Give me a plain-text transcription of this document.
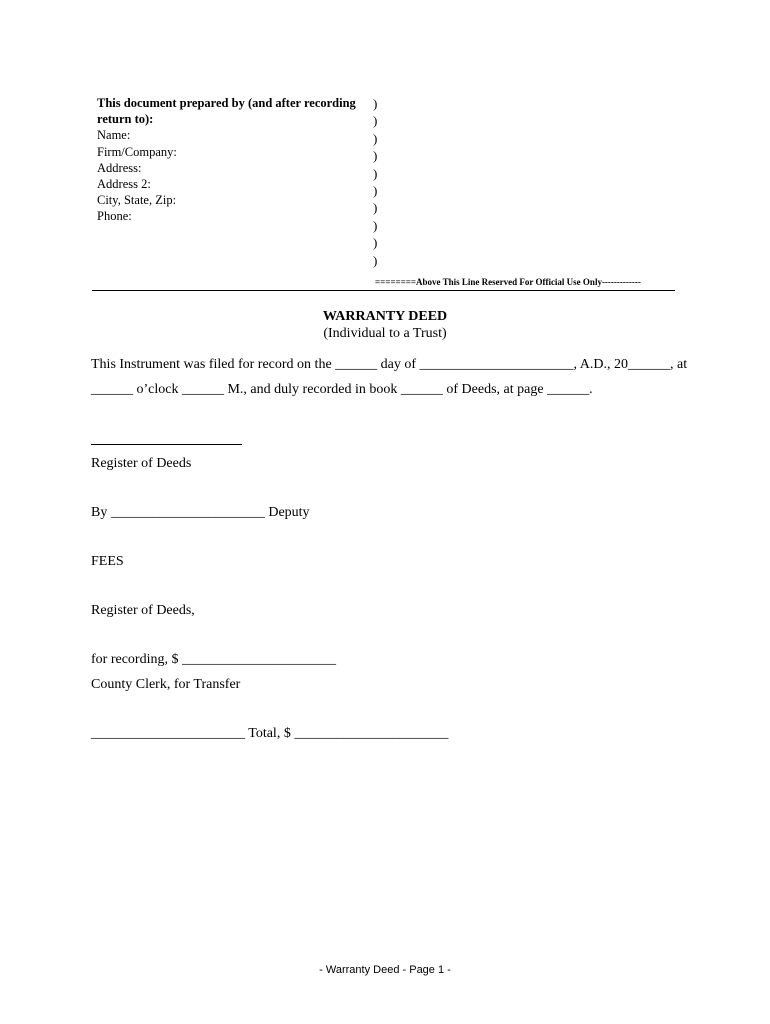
This document prepared by (and after recording
return to):
Name:
Firm/Company:
Address:
Address 2:
City, State, Zip:
Phone:
)
)
)
)
)
)
)
)
)
)
========Above This Line Reserved For Official Use Only-------------
WARRANTY DEED
(Individual to a Trust)
This Instrument was filed for record on the ______ day of ______________________, A.D., 20______, at
______ o’clock ______ M., and duly recorded in book ______ of Deeds, at page ______.
Register of Deeds
By ______________________ Deputy
FEES
Register of Deeds,
for recording, $ ______________________
County Clerk, for Transfer
______________________ Total, $ ______________________
- Warranty Deed - Page 1 -
